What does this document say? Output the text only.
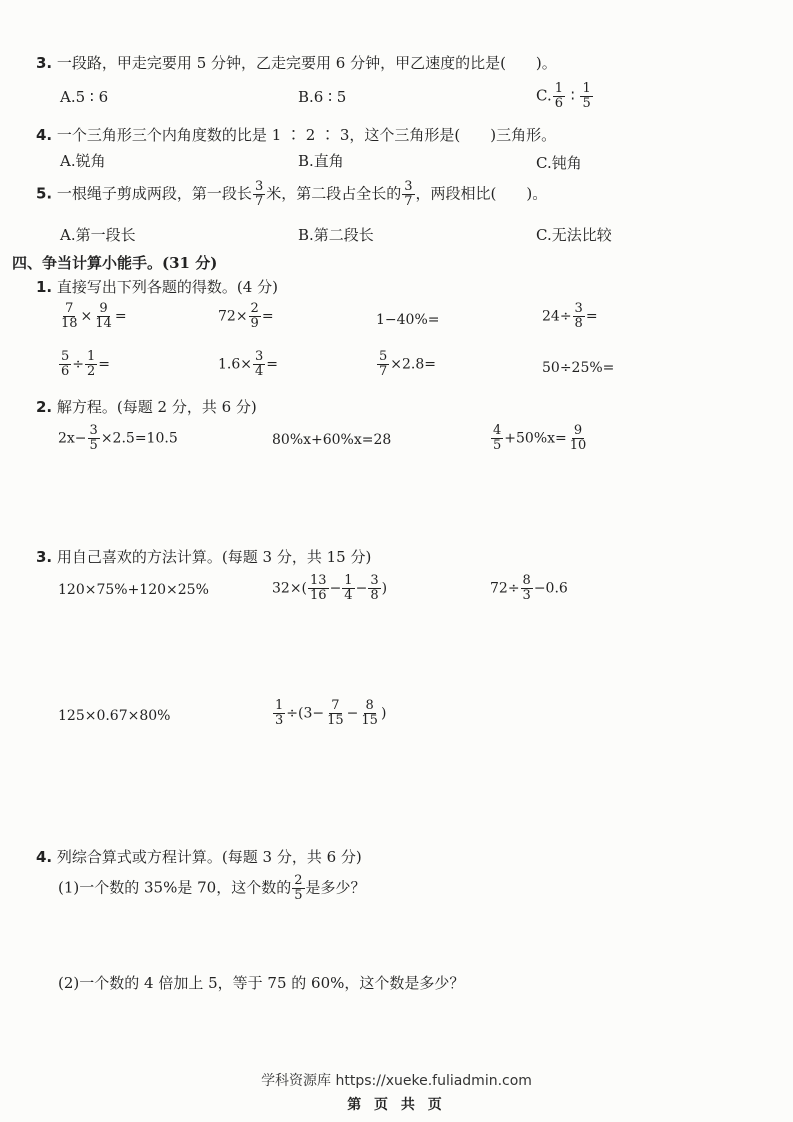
3. 一段路，甲走完要用 5 分钟，乙走完要用 6 分钟，甲乙速度的比是(　　)。
A.5 ∶ 6	B.6 ∶ 5	C. $\frac{1}{6}$ ∶ $\frac{1}{5}$
4. 一个三角形三个内角度数的比是 1 ∶ 2 ∶ 3，这个三角形是(　　)三角形。
A.锐角	B.直角	C.钝角
5. 一根绳子剪成两段，第一段长 $\frac{3}{7}$ 米，第二段占全长的 $\frac{3}{7}$ ，两段相比(　　)。
A.第一段长	B.第二段长	C.无法比较
四、争当计算小能手。(31 分)
1. 直接写出下列各题的得数。(4 分)
$\frac{7}{18} \times \frac{9}{14}$ =	$72\times \frac{2}{9}$ =	1−40%=	$24\div \frac{3}{8}$ =
$\frac{5}{6} \div \frac{1}{2}$ =	$1.6\times \frac{3}{4}$ =	$\frac{5}{7} \times 2.8=$	50÷25%=
2. 解方程。(每题 2 分，共 6 分)
$2x- \frac{3}{5} \times 2.5=10.5$	80%x+60%x=28	$\frac{4}{5} +50\%x= \frac{9}{10}$
3. 用自己喜欢的方法计算。(每题 3 分，共 15 分)
120×75%+120×25%	$32\times( \frac{13}{16} - \frac{1}{4} - \frac{3}{8}$ )	$72\div \frac{8}{3} -0.6$
125×0.67×80%	$\frac{1}{3} \div(3- \frac{7}{15} - \frac{8}{15}$ )
4. 列综合算式或方程计算。(每题 3 分，共 6 分)
(1)一个数的 35%是 70，这个数的 $\frac{2}{5}$ 是多少？
(2)一个数的 4 倍加上 5，等于 75 的 60%，这个数是多少？
学科资源库 https://xueke.fuliadmin.com
第 页 共 页
